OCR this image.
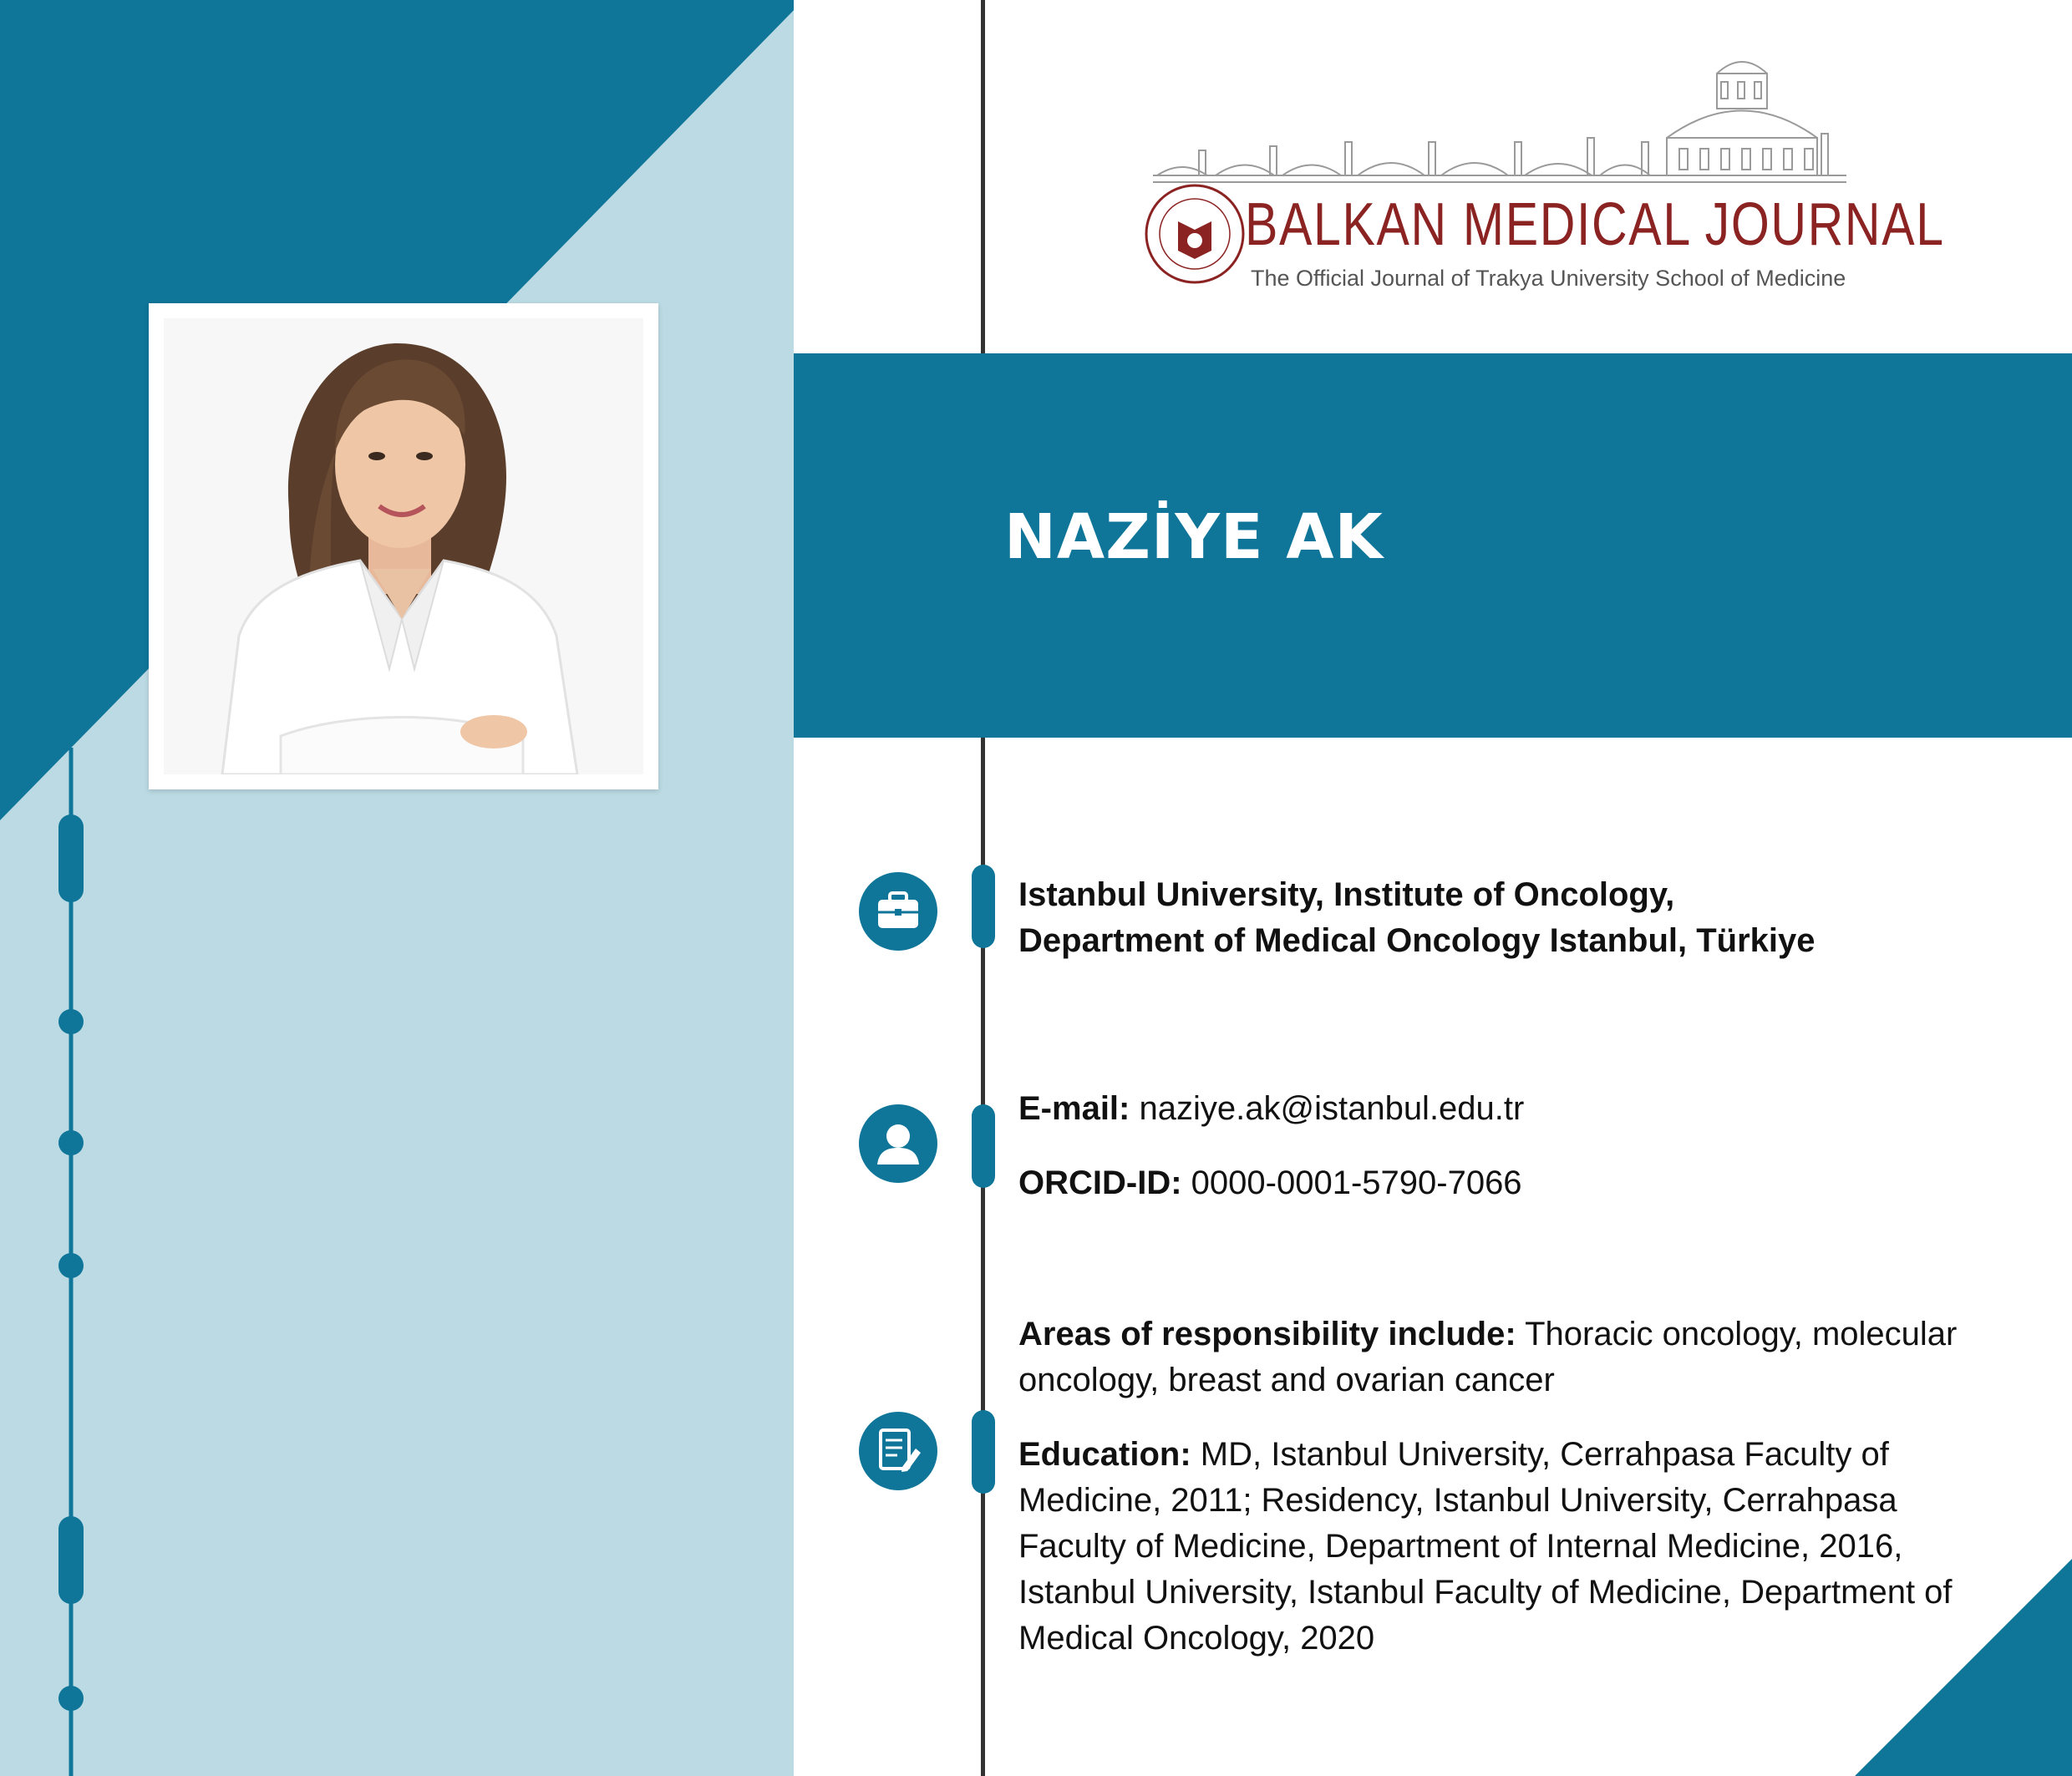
BALKAN MEDICAL JOURNAL
The Official Journal of Trakya University School of Medicine
NAZİYE AK
Istanbul University, Institute of Oncology,
Department of Medical Oncology Istanbul, Türkiye
E-mail: naziye.ak@istanbul.edu.tr
ORCID-ID: 0000-0001-5790-7066
Areas of responsibility include: Thoracic oncology, molecular oncology, breast and ovarian cancer
Education: MD, Istanbul University, Cerrahpasa Faculty of Medicine, 2011; Residency, Istanbul University, Cerrahpasa Faculty of Medicine, Department of Internal Medicine, 2016, Istanbul University, Istanbul Faculty of Medicine, Department of Medical Oncology, 2020
